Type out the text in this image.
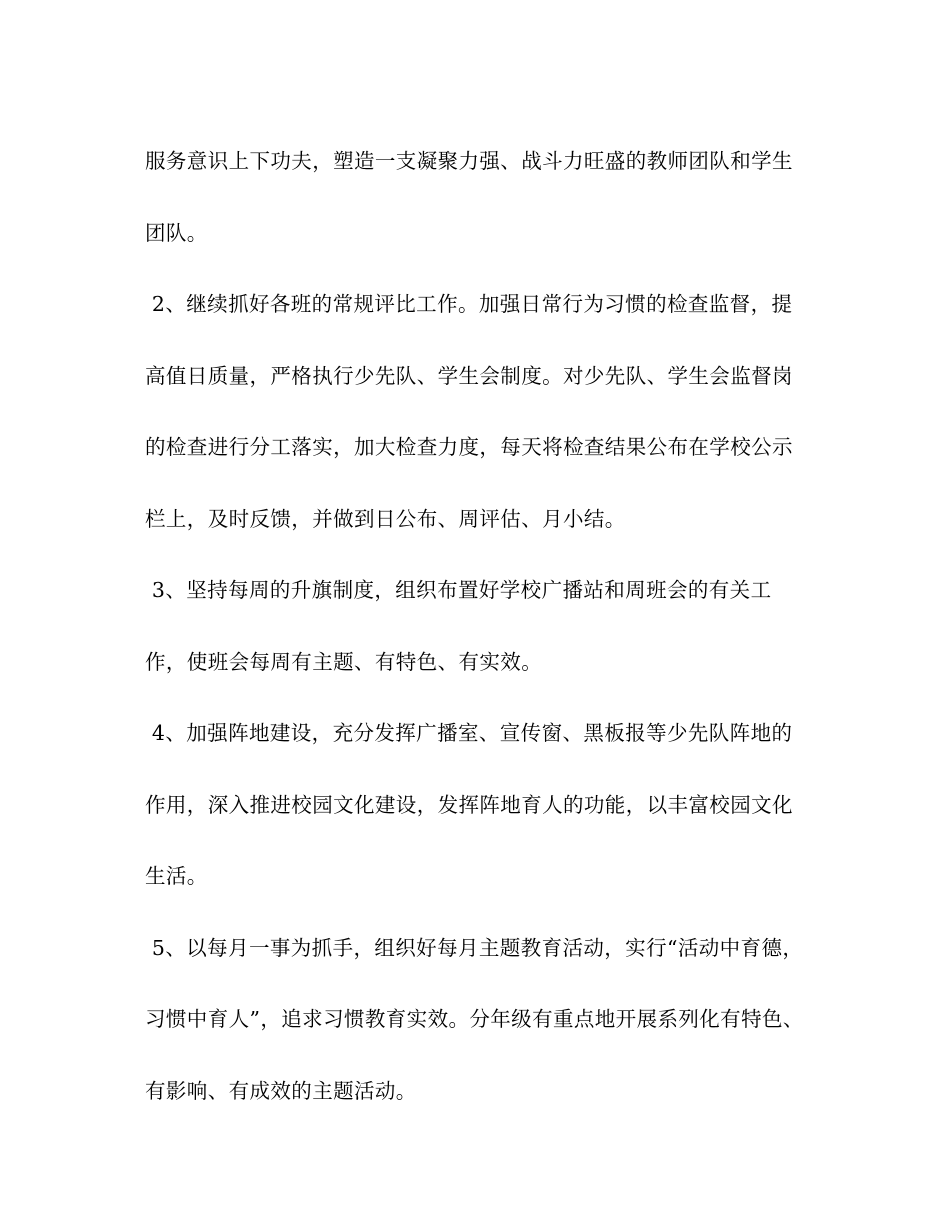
服务意识上下功夫，塑造一支凝聚力强、战斗力旺盛的教师团队和学生团队。

2、继续抓好各班的常规评比工作。加强日常行为习惯的检查监督，提高值日质量，严格执行少先队、学生会制度。对少先队、学生会监督岗的检查进行分工落实，加大检查力度，每天将检查结果公布在学校公示栏上，及时反馈，并做到日公布、周评估、月小结。

3、坚持每周的升旗制度，组织布置好学校广播站和周班会的有关工作，使班会每周有主题、有特色、有实效。

4、加强阵地建设，充分发挥广播室、宣传窗、黑板报等少先队阵地的作用，深入推进校园文化建设，发挥阵地育人的功能，以丰富校园文化生活。

5、以每月一事为抓手，组织好每月主题教育活动，实行“活动中育德，习惯中育人”，追求习惯教育实效。分年级有重点地开展系列化有特色、有影响、有成效的主题活动。
